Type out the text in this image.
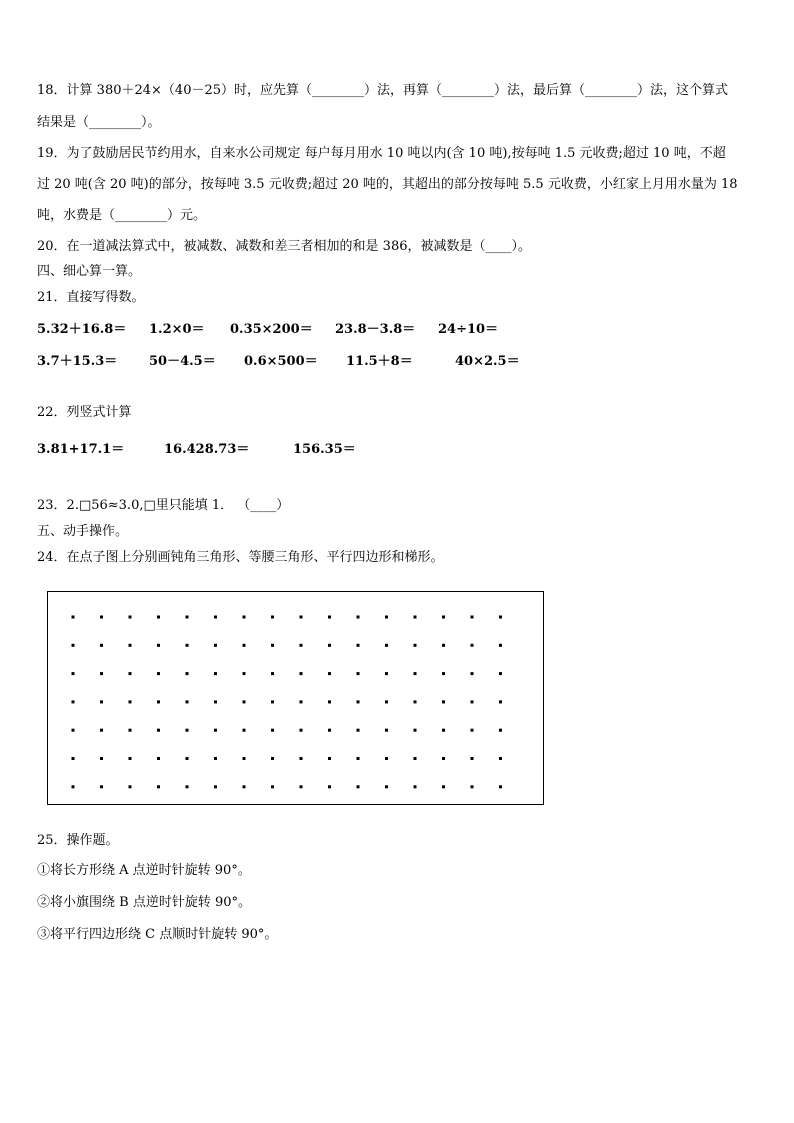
18．计算 380＋24×（40－25）时，应先算（________）法，再算（________）法，最后算（________）法，这个算式
结果是（________）。
19．为了鼓励居民节约用水，自来水公司规定 每户每月用水 10 吨以内(含 10 吨),按每吨 1.5 元收费;超过 10 吨，不超
过 20 吨(含 20 吨)的部分，按每吨 3.5 元收费;超过 20 吨的，其超出的部分按每吨 5.5 元收费，小红家上月用水量为 18
吨，水费是（________）元。
20．在一道减法算式中，被减数、减数和差三者相加的和是 386，被减数是（____）。
四、细心算一算。
21．直接写得数。
5.32＋16.8＝ 1.2×0＝ 0.35×200＝ 23.8－3.8＝ 24÷10＝
3.7＋15.3＝ 50－4.5＝ 0.6×500＝ 11.5＋8＝	40×2.5＝
22．列竖式计算
3.81+17.1＝	16.428.73＝	156.35＝
23．2.□56≈3.0,□里只能填 1． （____）
五、动手操作。
24．在点子图上分别画钝角三角形、等腰三角形、平行四边形和梯形。
25．操作题。
①将长方形绕 A 点逆时针旋转 90°。
②将小旗围绕 B 点逆时针旋转 90°。
③将平行四边形绕 C 点顺时针旋转 90°。
